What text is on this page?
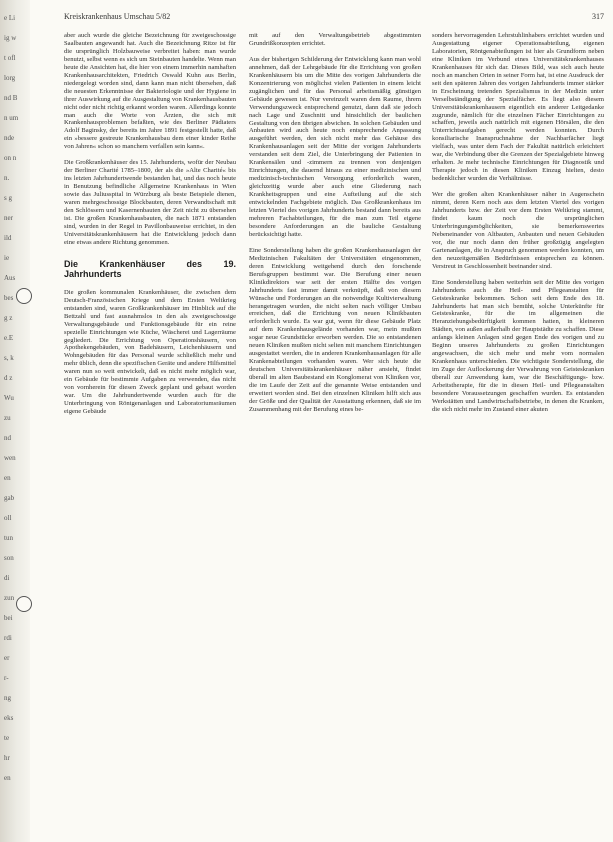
e Li
ig w
t ofl
lorg
nd B
n um
nde
on n
n.
s g
ner
ild
ie
Aus
bes
g z
e.E
s, k
d z
Wu
zu
nd
wen
en
gab
oll
tun
son
di
zun
bei
rdi
er
r-
ng
eks
te
hr
en
Kreiskrankenhaus Umschau 5/82	317

aber auch wurde die gleiche Bezeichnung für zweigeschossige Saalbauten angewandt hat. Auch die Bezeichnung Ritze ist für die ursprünglich Holzbauweise verbreitet haben: man wurde benutzt, selbst wenn es sich um Steinbauten handelte. Wenn man heute die Ansichten hat, die hier von einem immerhin namhaften Krankenhausarchitekten, Friedrich Oswald Kuhn aus Berlin, niedergelegt worden sind, dann kann man nicht übersehen, daß die neuesten Erkenntnisse der Bakteriologie und der Hygiene in ihrer Auswirkung auf die Ausgestaltung von Krankenhausbauten nicht oder nicht richtig erkannt worden waren. Allerdings konnte man auch die Worte von Ärzten, die sich mit Krankenhausproblemen befaßten, wie des Berliner Pädiaters Adolf Baginsky, der bereits im Jahre 1891 festgestellt hatte, daß ein »bessere gestreute Krankenhausbau dem einer kinder Reihe von Jahren« schon so manchem verfallen sein kann«.

Die Großkrankenhäuser des 15. Jahrhunderts, wofür der Neubau der Berliner Charité 1785–1800, der als die »Alte Charité« bis ins letzten Jahrhundertwende bestanden hat, und das noch heute in Benutzung befindliche Allgemeine Krankenhaus in Wien sowie das Juliusspital in Würzburg als beste Beispiele dienen, waren mehrgeschossige Blockbauten, deren Verwandtschaft mit den Schlössern und Kasernenbauten der Zeit nicht zu übersehen ist. Die großen Krankenhausbauten, die nach 1871 entstanden sind, wurden in der Regel in Pavillonbauweise errichtet, in den Universitätskrankenhäusern hat die Entwicklung jedoch dann eine etwas andere Richtung genommen.

Die Krankenhäuser des 19. Jahrhunderts

Die großen kommunalen Krankenhäuser, die zwischen dem Deutsch-Französischen Kriege und dem Ersten Weltkrieg entstanden sind, waren Großkrankenhäuser im Hinblick auf die Bettzahl und fast ausnahmslos in den als zweigeschossige Verwaltungsgebäude und Funktionsgebäude für ein reine spezielle Einrichtungen wie Küche, Wäscherei und Lagerräume gegliedert. Die Errichtung von Operationshäusern, von Apothekengebäuden, von Badehäusern, Leichenhäusern und Wohngebäuden für das Personal wurde schließlich mehr und mehr üblich, denn die spezifischen Geräte und andere Hilfsmittel waren nun so weit entwickelt, daß es nicht mehr möglich war, ein Gebäude für bestimmte Aufgaben zu verwenden, das nicht von vornherein für diesen Zweck geplant und gebaut worden war. Um die Jahrhundertwende wurden auch für die Unterbringung von Röntgenanlagen und Laboratoriumsräumen eigene Gebäude

mit auf den Verwaltungsbetrieb abgestimmten Grundrißkonzepten errichtet.

Aus der bisherigen Schilderung der Entwicklung kann man wohl annehmen, daß der Lehrgebäude für die Errichtung von großen Krankenhäusern bis um die Mitte des vorigen Jahrhunderts die Konzentrierung von möglichst vielen Patienten in einem leicht zugänglichen und für das Personal arbeitsmäßig günstigen Gebäude gewesen ist. Nur vereinzelt waren dem Raume, ihrem Verwendungszweck entsprechend genutzt, dann daß sie jedoch nach Lage und Zuschnitt und hinsichtlich der baulichen Gestaltung von den übrigen abwichen. In solchen Gebäuden und Anbauten wird auch heute noch entsprechende Anpassung ausgeführt werden, den sich nicht mehr das Gehäuse des Krankenhausanlagen seit der Mitte der vorigen Jahrhunderts verstanden seit dem Ziel, die Unterbringung der Patienten in Krankensälen und -zimmern zu trennen von denjenigen Einrichtungen, die dauernd hinaus zu einer medizinischen und medizinisch-technischen Versorgung erforderlich waren, gleichzeitig wurde aber auch eine Gliederung nach Krankheitsgruppen und eine Aufteilung auf die sich entwickelnden Fachgebiete möglich. Das Großkrankenhaus im letzten Viertel des vorigen Jahrhunderts bestand dann bereits aus mehreren Fachabteilungen, für die man zum Teil eigene besondere Anforderungen an die bauliche Gestaltung berücksichtigt hatte.

Eine Sonderstellung haben die großen Krankenhausanlagen der Medizinischen Fakultäten der Universitäten eingenommen, deren Entwicklung weitgehend durch den forschende Berufsgruppen bestimmt war. Die Berufung einer neuen Klinikdirektors war seit der ersten Hälfte des vorigen Jahrhunderts fast immer damit verknüpft, daß von diesem Wünsche und Forderungen an die notwendige Kultivierwaltung herangetragen wurden, die nicht selten nach völliger Umbau erreichen, daß die Errichtung von neuen Klinikbauten erforderlich wurde. Es war gut, wenn für diese Gebäude Platz auf dem Krankenhausgelände vorhanden war, mein mußten sogar neue Grundstücke erworben werden. Die so entstandenen neuen Kliniken mußten nicht selten mit manchem Einrichtungen ausgestattet werden, die in anderen Krankenhausanlagen für alle Krankenabteilungen vorhanden waren. Wer sich heute die deutschen Universitätskrankenhäuser näher ansieht, findet überall im alten Baubestand ein Konglomerat von Kliniken vor, die im Laufe der Zeit auf die genannte Weise entstanden und erweitert worden sind. Bei den einzelnen Kliniken hilft sich aus der Größe und der Qualität der Ausstattung erkennen, daß sie im Zusammenhang mit der Berufung eines be-

sonders hervorragenden Lehrstuhlinhabers errichtet wurden und Ausgestattung eigener Operationsabteilung, eigenen Laboratorien, Röntgenabteilungen ist hier als Grundform neben eine Kliniken im Verbund eines Universitätskrankenhauses Krankenhauses für sich dar. Dieses Bild, was sich auch heute noch an manchen Orten in seiner Form hat, ist eine Ausdruck der seit den späteren Jahren des vorigen Jahrhunderts immer stärker in Erscheinung tretenden Spezialismus in der Medizin unter Verselbständigung der Spezialfächer. Es liegt also diesem Universitätskrankenhausern eigentlich ein anderer Leitgedanke zugrunde, nämlich für die einzelnen Fächer Einrichtungen zu schaffen, jeweils auch natürlich mit eigenen Hörsälen, die den Unterrichtsaufgaben gerecht werden konnten. Durch konsiliarische Inanspruchnahme der Nachbarfächer liegt vielfach, was unter dem Fach der Fakultät natürlich erleichtert war, die Verbindung über die Grenzen der Spezialgebiete hinweg erhalten. Je mehr technische Einrichtungen für Diagnostik und Therapie jedoch in diesen Kliniken Einzug hielten, desto bedenklicher wurden die Verhältnisse.

Wer die großen alten Krankenhäuser näher in Augenschein nimmt, deren Kern noch aus dem letzten Viertel des vorigen Jahrhunderts bzw. der Zeit vor dem Ersten Weltkrieg stammt, findet kaum noch die ursprünglichen Unterbringungsmöglichkeiten, sie bemerkenswertes Nebeneinander von Altbauten, Anbauten und neuen Gebäuden vor, die nur noch dann den früher großzügig angelegten Gartenanlagen, die in Anspruch genommen werden konnten, um den neuzeitgemäßen Bedürfnissen entsprechen zu können. Verstreut in Geschlossenheit beeinander sind.

Eine Sonderstellung haben weiterhin seit der Mitte des vorigen Jahrhunderts auch die Heil- und Pflegeanstalten für Geisteskranke bekommen. Schon seit dem Ende des 18. Jahrhunderts hat man sich bemüht, solche Unterkünfte für Geisteskranke, für die im allgemeinen die Heranziehungsbedürftigkeit kommen hatten, in kleineren Städten, von außen außerhalb der Hauptstädte zu schaffen. Diese anfangs kleinen Anlagen sind gegen Ende des vorigen und zu Beginn unseres Jahrhunderts zu großen Einrichtungen angewachsen, die sich mehr und mehr vom normalen Krankenhaus unterschieden. Die wichtigste Sonderstellung, die im Zuge der Auflockerung der Verwahrung von Geisteskranken überall zur Anwendung kam, war die Beschäftigungs- bzw. Arbeitstherapie, für die in diesen Heil- und Pflegeanstalten besondere Voraussetzungen geschaffen wurden. Es entstanden Werkstätten und Landwirtschaftsbetriebe, in denen die Kranken, die sich nicht mehr im Zustand einer akuten
